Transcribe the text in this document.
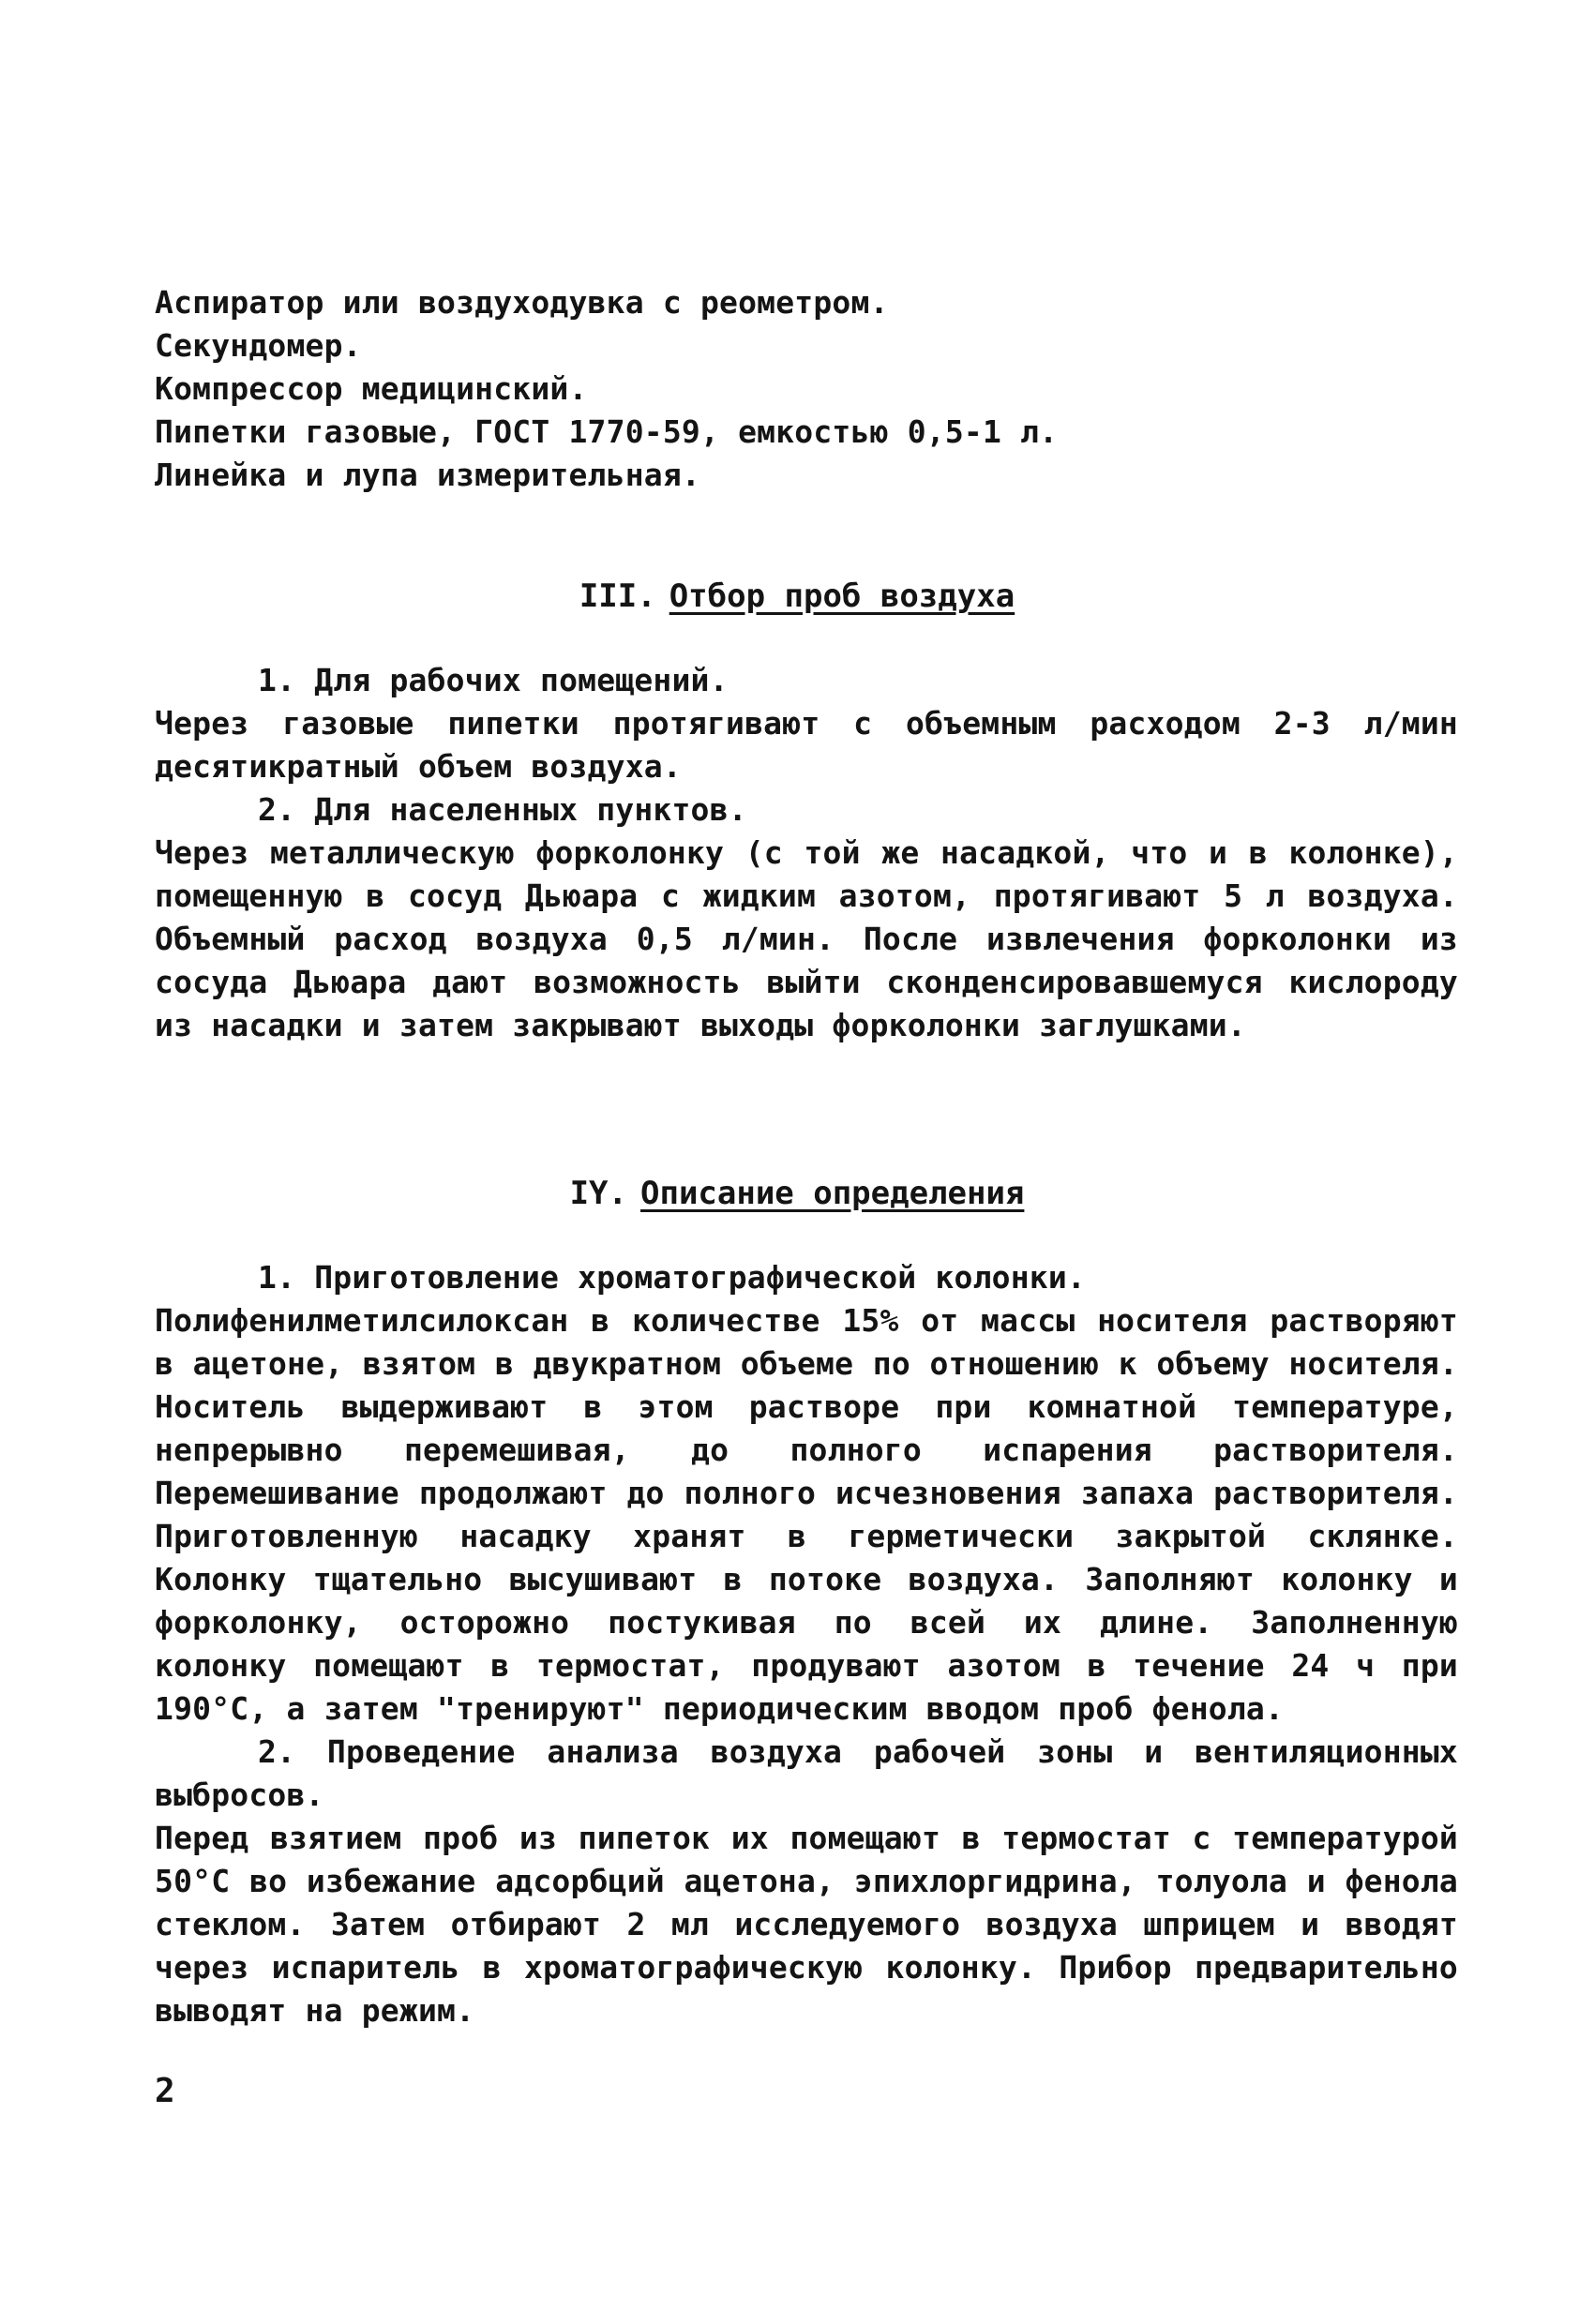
Аспиратор или воздуходувка с реометром.
Секундомер.
Компрессор медицинский.
Пипетки газовые, ГОСТ 1770-59, емкостью 0,5-1 л.
Линейка и лупа измерительная.
III. Отбор проб воздуха
1. Для рабочих помещений.
Через газовые пипетки протягивают с объемным расходом 2-3 л/мин десятикратный объем воздуха.
2. Для населенных пунктов.
Через металлическую форколонку (с той же насадкой, что и в колонке), помещенную в сосуд Дьюара с жидким азотом, протягивают 5 л воздуха. Объемный расход воздуха 0,5 л/мин. После извлечения форколонки из сосуда Дьюара дают возможность выйти сконденсировавшемуся кислороду из насадки и затем закрывают выходы форколонки заглушками.
IY. Описание определения
1. Приготовление хроматографической колонки.
Полифенилметилсилоксан в количестве 15% от массы носителя растворяют в ацетоне, взятом в двукратном объеме по отношению к объему носителя. Носитель выдерживают в этом растворе при комнатной температуре, непрерывно перемешивая, до полного испарения растворителя. Перемешивание продолжают до полного исчезновения запаха растворителя. Приготовленную насадку хранят в герметически закрытой склянке. Колонку тщательно высушивают в потоке воздуха. Заполняют колонку и форколонку, осторожно постукивая по всей их длине. Заполненную колонку помещают в термостат, продувают азотом в течение 24 ч при 190°С, а затем "тренируют" периодическим вводом проб фенола.
2. Проведение анализа воздуха рабочей зоны и вентиляционных выбросов.
Перед взятием проб из пипеток их помещают в термостат с температурой 50°С во избежание адсорбций ацетона, эпихлоргидрина, толуола и фенола стеклом. Затем отбирают 2 мл исследуемого воздуха шприцем и вводят через испаритель в хроматографическую колонку. Прибор предварительно выводят на режим.
2
